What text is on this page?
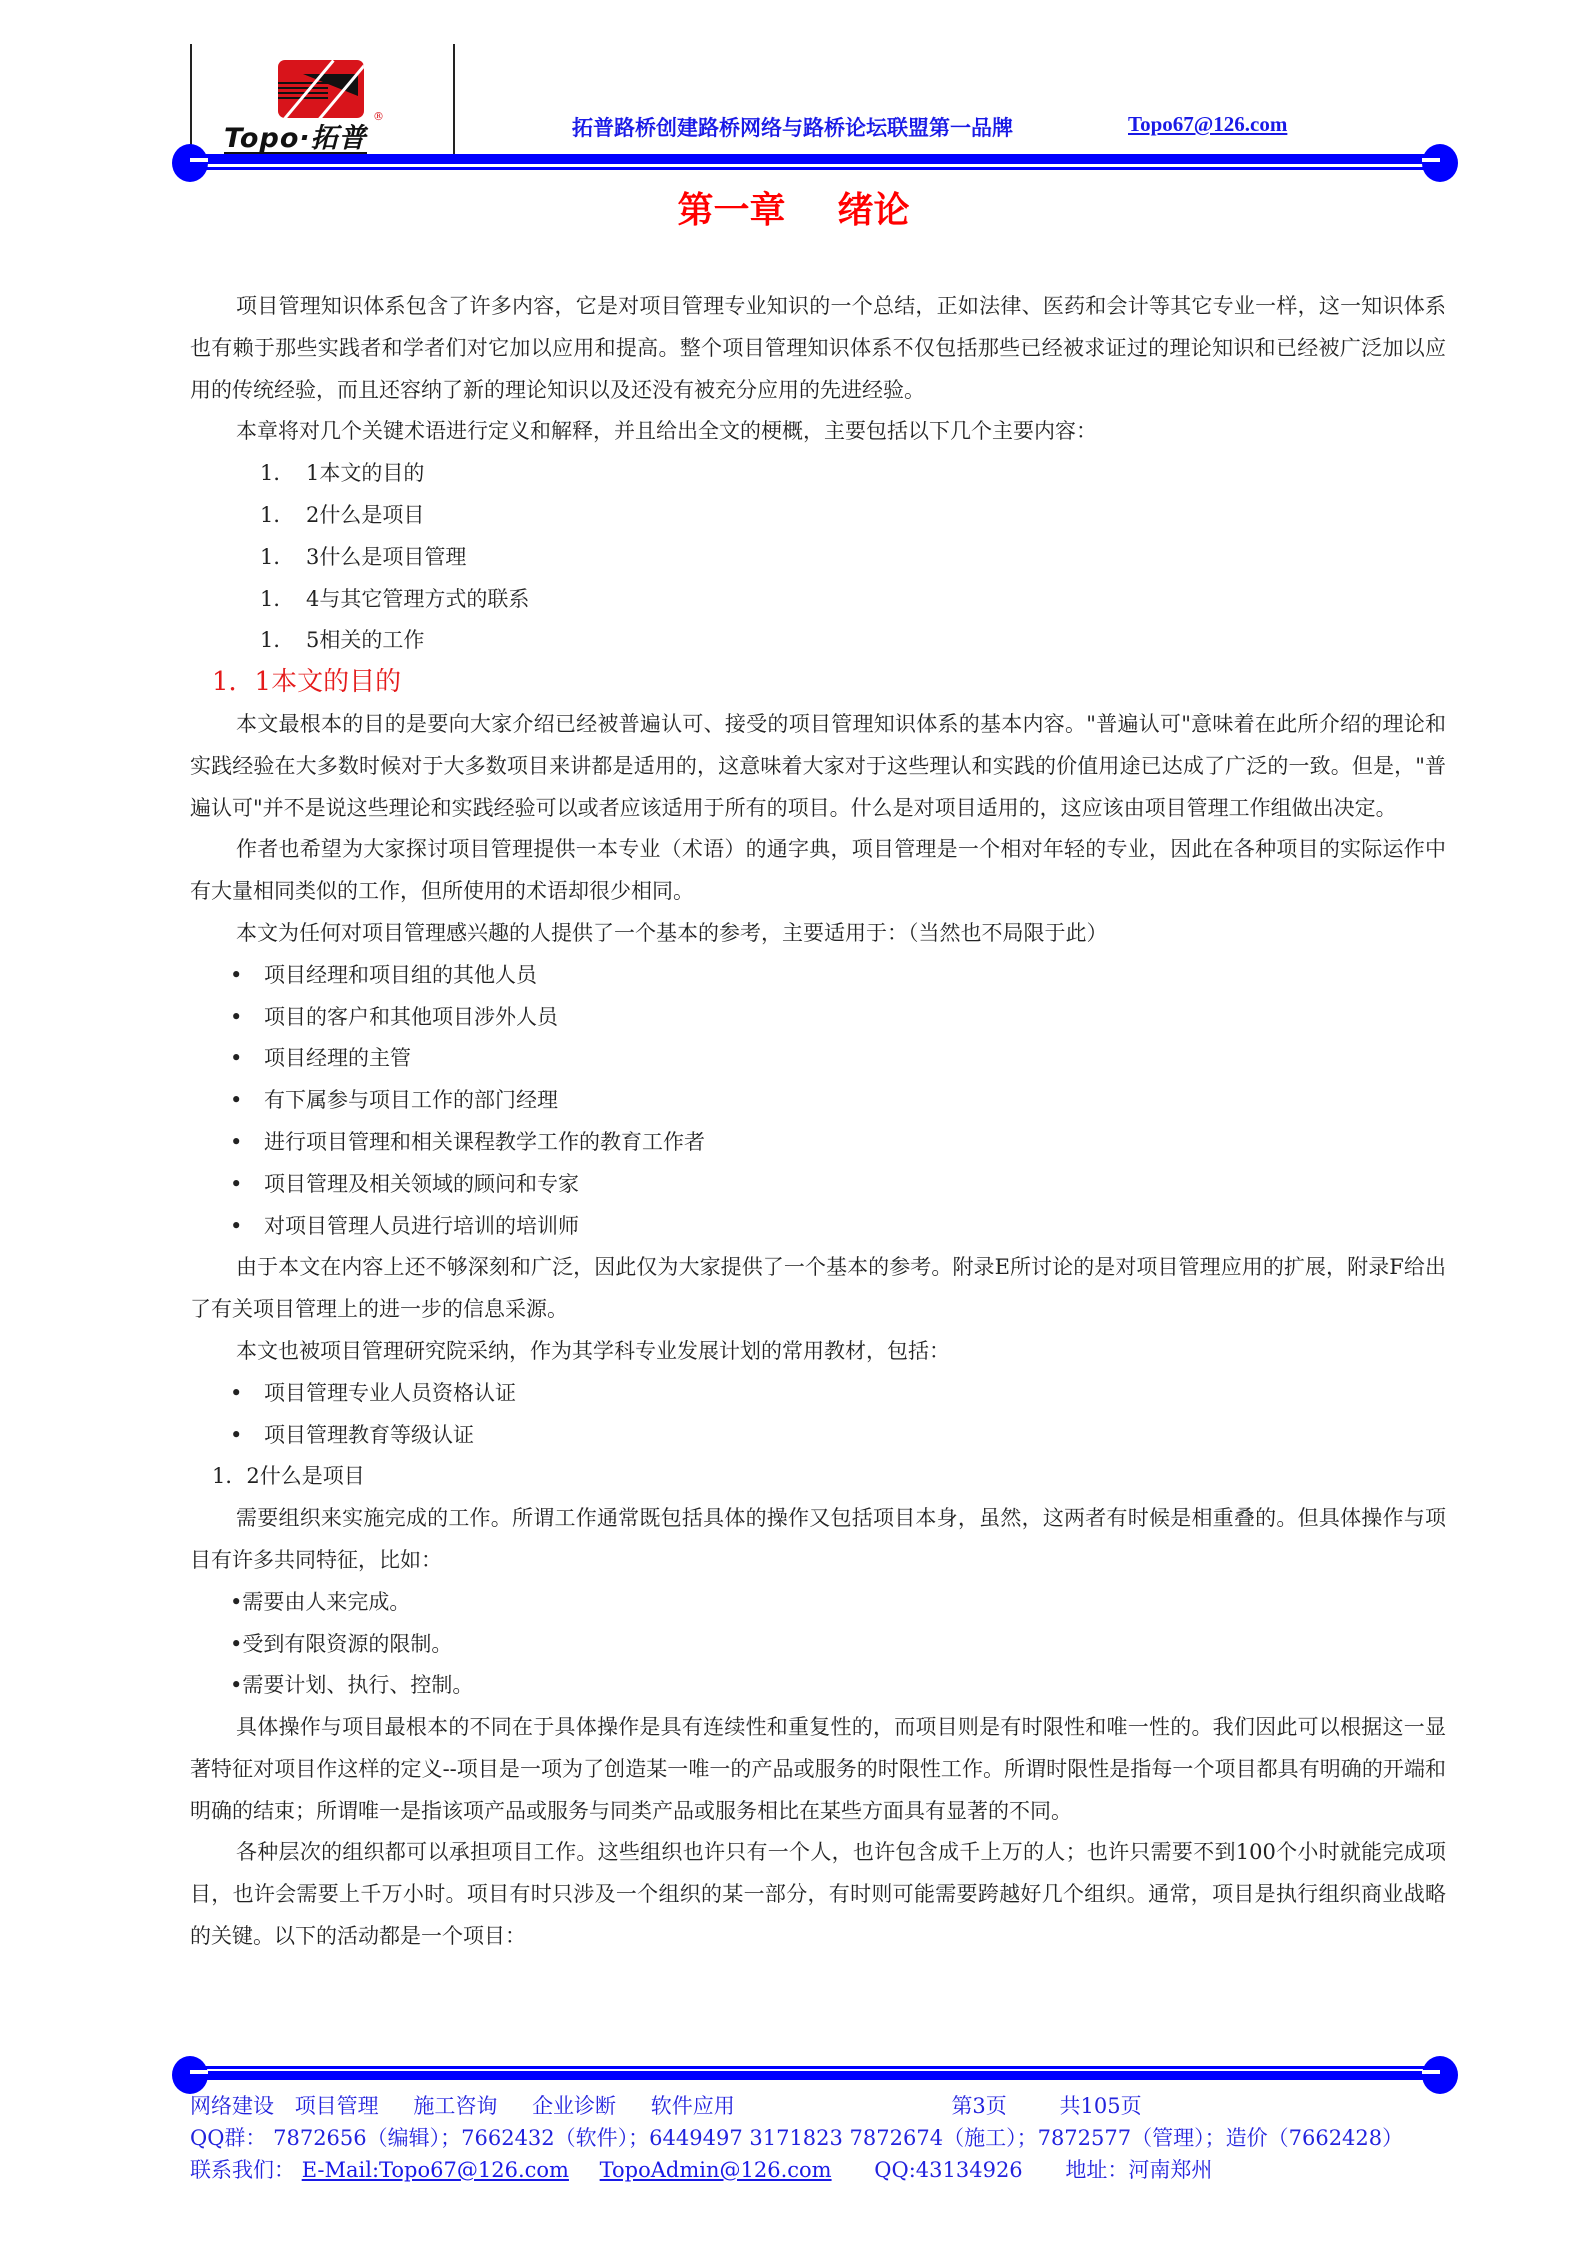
®
Topo·拓普	拓普路桥创建路桥网络与路桥论坛联盟第一品牌	Topo67@126.com
第一章 绪论

项目管理知识体系包含了许多内容，它是对项目管理专业知识的一个总结，正如法律、医药和会计等其它专业一样，这一知识体系也有赖于那些实践者和学者们对它加以应用和提高。整个项目管理知识体系不仅包括那些已经被求证过的理论知识和已经被广泛加以应用的传统经验，而且还容纳了新的理论知识以及还没有被充分应用的先进经验。

本章将对几个关键术语进行定义和解释，并且给出全文的梗概，主要包括以下几个主要内容：

1． 1本文的目的

1． 2什么是项目

1． 3什么是项目管理

1． 4与其它管理方式的联系

1． 5相关的工作

1．1本文的目的

本文最根本的目的是要向大家介绍已经被普遍认可、接受的项目管理知识体系的基本内容。"普遍认可"意味着在此所介绍的理论和实践经验在大多数时候对于大多数项目来讲都是适用的，这意味着大家对于这些理认和实践的价值用途已达成了广泛的一致。但是，"普遍认可"并不是说这些理论和实践经验可以或者应该适用于所有的项目。什么是对项目适用的，这应该由项目管理工作组做出决定。

作者也希望为大家探讨项目管理提供一本专业（术语）的通字典，项目管理是一个相对年轻的专业，因此在各种项目的实际运作中有大量相同类似的工作，但所使用的术语却很少相同。

本文为任何对项目管理感兴趣的人提供了一个基本的参考，主要适用于：（当然也不局限于此）

• 项目经理和项目组的其他人员

• 项目的客户和其他项目涉外人员

• 项目经理的主管

• 有下属参与项目工作的部门经理

• 进行项目管理和相关课程教学工作的教育工作者

• 项目管理及相关领域的顾问和专家

• 对项目管理人员进行培训的培训师

由于本文在内容上还不够深刻和广泛，因此仅为大家提供了一个基本的参考。附录E所讨论的是对项目管理应用的扩展，附录F给出了有关项目管理上的进一步的信息采源。

本文也被项目管理研究院采纳，作为其学科专业发展计划的常用教材，包括：

• 项目管理专业人员资格认证

• 项目管理教育等级认证

1．2什么是项目

需要组织来实施完成的工作。所谓工作通常既包括具体的操作又包括项目本身，虽然，这两者有时候是相重叠的。但具体操作与项目有许多共同特征，比如：

•需要由人来完成。

•受到有限资源的限制。

•需要计划、执行、控制。

具体操作与项目最根本的不同在于具体操作是具有连续性和重复性的，而项目则是有时限性和唯一性的。我们因此可以根据这一显著特征对项目作这样的定义--项目是一项为了创造某一唯一的产品或服务的时限性工作。所谓时限性是指每一个项目都具有明确的开端和明确的结束；所谓唯一是指该项产品或服务与同类产品或服务相比在某些方面具有显著的不同。

各种层次的组织都可以承担项目工作。这些组织也许只有一个人，也许包含成千上万的人；也许只需要不到100个小时就能完成项目，也许会需要上千万小时。项目有时只涉及一个组织的某一部分，有时则可能需要跨越好几个组织。通常，项目是执行组织商业战略的关键。以下的活动都是一个项目：

网络建设 项目管理 施工咨询 企业诊断 软件应用	第3页	共105页
QQ群： 7872656（编辑）；7662432（软件）；6449497 3171823 7872674（施工）；7872577（管理）；造价（7662428）
联系我们： E-Mail:Topo67@126.com TopoAdmin@126.com QQ:43134926 地址：河南郑州
